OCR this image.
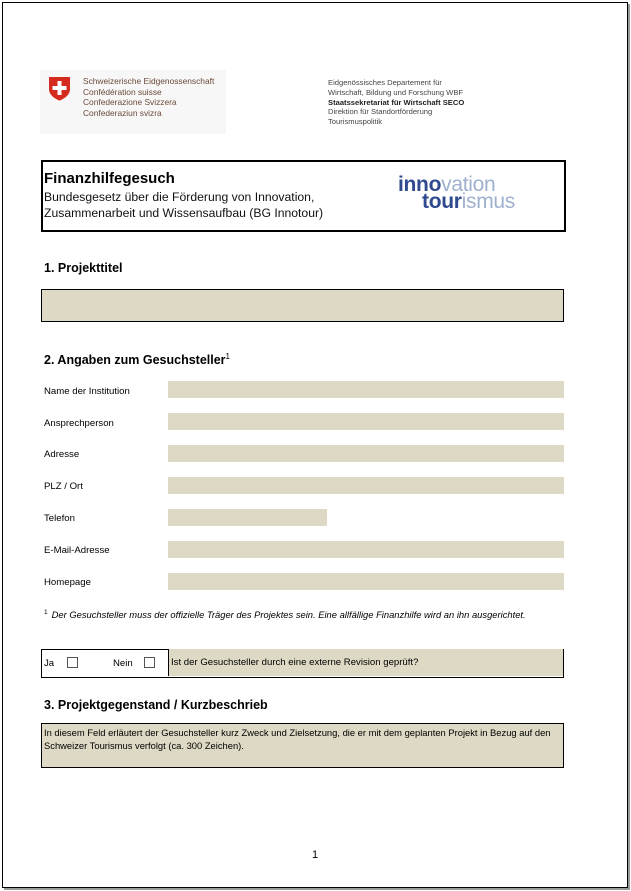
Schweizerische Eidgenossenschaft
Confédération suisse
Confederazione Svizzera
Confederaziun svizra
Eidgenössisches Departement für
Wirtschaft, Bildung und Forschung WBF
Staatssekretariat für Wirtschaft SECO
Direktion für Standortförderung
Tourismuspolitik
Finanzhilfegesuch
Bundesgesetz über die Förderung von Innovation,
Zusammenarbeit und Wissensaufbau (BG Innotour)
innovation
tourismus
1. Projekttitel
2. Angaben zum Gesuchsteller$^1$
Name der Institution
Ansprechperson
Adresse
PLZ / Ort
Telefon
E-Mail-Adresse
Homepage
$^1$ Der Gesuchsteller muss der offizielle Träger des Projektes sein. Eine allfällige Finanzhilfe wird an ihn ausgerichtet.
Ja	Nein	Ist der Gesuchsteller durch eine externe Revision geprüft?
3. Projektgegenstand / Kurzbeschrieb
In diesem Feld erläutert der Gesuchsteller kurz Zweck und Zielsetzung, die er mit dem geplanten Projekt in Bezug auf den Schweizer Tourismus verfolgt (ca. 300 Zeichen).
1
